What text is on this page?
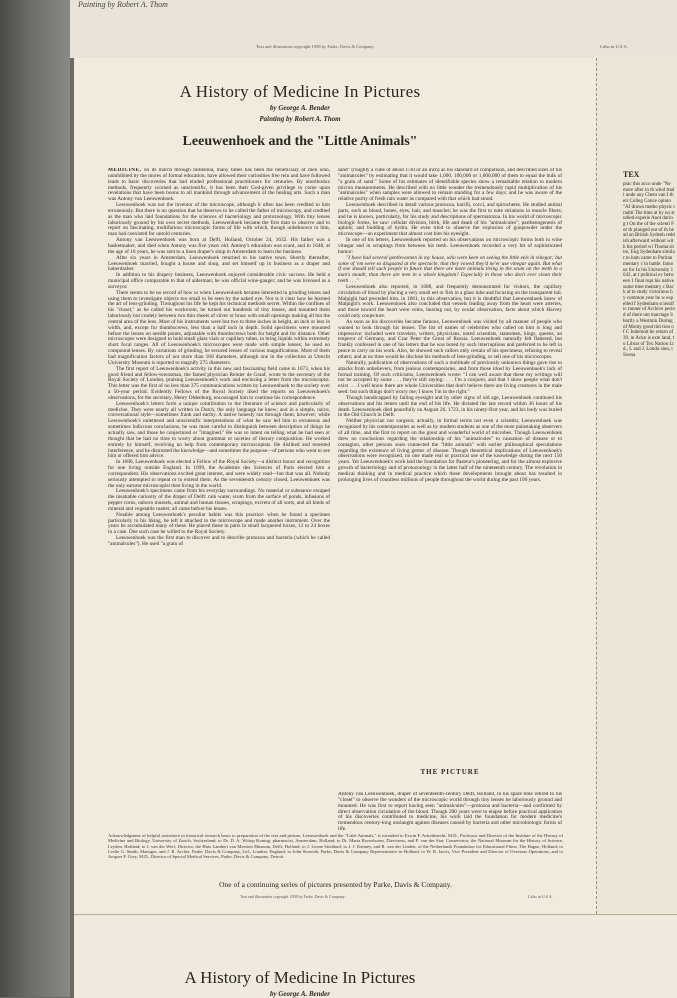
Painting by Robert A. Thom
Text and illustration copyright 1958 by Parke, Davis & Company	Litho in U.S.A.
TEX
prac this acco unde "Ne more after in th whol tradi unde any Chem van I their Colleg Conce opinio "Af drawn metho physic traditi The time at by no studied experie Anot during t On the of the scienti For th plunged out of th head an British Sydenh reddish afterward without with his period wi Thoma shire, Eng Sydenham similar to ham came to Puritan mentary c in battle. famous for In his University 1642, at t political ev between 1 final rupt his native some time mentary c Back at to study victorious by common year he w expelled f Sydenham scientific runner of Archive period of there unt marriage Shortly a Westmin During of Monty good tim tion of C Indemnit he return of 39, in Ackn is exte land, to Librar of Tex Nation Ltd., L and J. Londo sion, t Svena
A History of Medicine In Pictures
by George A. Bender
Painting by Robert A. Thom
Leeuwenhoek and the "Little Animals"

MEDICINE, on its march through millennia, many times has been the beneficiary of men who, uninhibited by the mores of formal education, have allowed their curiosities free rein and have followed leads to basic discoveries that had eluded professional practitioners for centuries. By unorthodox methods, frequently scorned as unscientific, it has been their God-given privilege to come upon revelations that have been boons to all mankind through advancement of the healing arts. Such a man was Antony van Leeuwenhoek.

Leeuwenhoek was not the inventor of the microscope, although it often has been credited to him erroneously. But there is no question that he deserves to be called the father of microscopy, and credited as the man who laid foundations for the sciences of bacteriology and protozoology. With tiny lenses laboriously ground by his own secret methods, Leeuwenhoek became the first man to observe and to report on fascinating, multifarious microscopic forms of life with which, though unbeknown to him, man had coexisted for untold centuries.

Antony van Leeuwenhoek was born at Delft, Holland, October 24, 1632. His father was a basketmaker, and died when Antony was five years old. Antony's education was scant, and in 1648, at the age of 16 years, he was sent to a linen draper's shop in Amsterdam to learn the business.

After six years in Amsterdam, Leeuwenhoek returned to his native town. Shortly thereafter, Leeuwenhoek married, bought a house and shop, and set himself up in business as a draper and haberdasher.

In addition to his drapery business, Leeuwenhoek enjoyed considerable civic success. He held a municipal office comparable to that of alderman; he was official wine-gauger; and he was licensed as a surveyor.

There seems to be no record of how or when Leeuwenhoek became interested in grinding lenses and using them to investigate objects too small to be seen by the naked eye. Nor is it clear how he learned the art of lens-grinding. Throughout his life he kept his technical methods secret. Within the confines of his "closet," as he called his workroom, he turned out hundreds of tiny lenses, and mounted them laboriously but crudely between two thin sheets of silver or brass with small openings making all but the central area of the lens. Most of his instruments were but two to three inches in height, an inch or less in width, and, except for thumbscrews, less than a half inch in depth. Solid specimens were mounted before the lenses on needle points, adjustable with thumbscrews both for height and for distance. Other microscopes were designed to hold small glass vials or capillary tubes, to bring liquids within extremely short focal ranges. All of Leeuwenhoek's microscopes were made with simple lenses; he used no compound lenses. By variations of grinding, he secured lenses of various magnifications. Most of them had magnification factors of not more than 160 diameters, although one in the collection at Utrecht University Museum is reported to magnify 275 diameters.

The first report of Leeuwenhoek's activity in this new and fascinating field came in 1673, when his good friend and fellow-townsman, the famed physician Reinier de Graaf, wrote to the secretary of the Royal Society of London, praising Leeuwenhoek's work and enclosing a letter from the microscopist. This letter was the first of no less than 375 communications written by Leeuwenhoek to the society over a 50-year period. Evidently Fellows of the Royal Society liked the reports on Leeuwenhoek's observations, for the secretary, Henry Oldenburg, encouraged him to continue his correspondence.

Leeuwenhoek's letters form a unique contribution to the literature of science and particularly of medicine. They were nearly all written in Dutch, the only language he knew; and in a simple, naive, conversational style—sometimes frank and earthy. A native honesty ran through them, however; while Leeuwenhoek's unlettered and unscientific interpretations of what he saw led him to erroneous and sometimes ludicrous conclusions, he was most careful to distinguish between description of things he actually saw, and those he conjectured or "imagined." He was so intent on telling what he had seen or thought that he had no time to worry about grammar or niceties of literary composition. He worked entirely by himself, receiving no help from contemporary microscopists. He disliked and resented interference, and he distrusted the knowledge—and sometimes the purpose—of persons who went to see him or offered him advice.

In 1680, Leeuwenhoek was elected a Fellow of the Royal Society—a distinct honor and recognition for one living outside England. In 1699, the Academie des Sciences of Paris elected him a correspondent. His observations excited great interest, and were widely read—but that was all. Nobody seriously attempted to repeat or to extend them. As the seventeenth century closed, Leeuwenhoek was the only earnest microscopist then living in the world.

Leeuwenhoek's specimens came from his everyday surroundings. No material or substance escaped the insatiable curiosity of the draper of Delft: rain water, scum from the surface of ponds, infusions of pepper corns, unborn mussels, animal and human tissues, scrapings, excreta of all sorts, and all kinds of mineral and vegetable matter, all came before his lenses.

Notable among Leeuwenhoek's peculiar habits was this practice: when he found a specimen particularly to his liking, he left it attached to the microscope and made another instrument. Over the years he accumulated many of these. He placed these in pairs in small lacquered boxes, 12 to 24 boxes in a case. One such case he willed to the Royal Society.

Leeuwenhoek was the first man to discover and to describe protozoa and bacteria (which he called "animalcules"). He used "a grain of

sand" (roughly a cube of about 1/30 of an inch) as his standard of comparison, and described sizes of his "animalcules" by estimating that it would take 1,000, 100,000 or 1,000,000 of them to equal the bulk of "a grain of sand." Some of his estimates of identifiable species show a remarkable relation to modern micron measurements. He described with no little wonder the tremendously rapid multiplication of his "animalcules" when samples were allowed to remain standing for a few days; and he was aware of the relative purity of fresh rain water as compared with that which had stood.

Leeuwenhoek described in detail various protozoa, bacilli, cocci, and spirochetes. He studied animal parts, such as blood, bones, eyes, hair, and muscles; he was the first to note striations in muscle fibers; and he is known, particularly, for his study and descriptions of spermatozoa. In his world of microscopic biologic forms, he saw: cellular division, birth, life and death of his "animalcules"; parthenogenesis of aphids; and budding of hydra. He even tried to observe the explosion of gunpowder under the microscope—an experiment that almost cost him his eyesight.

In one of his letters, Leeuwenhoek reported on his observations on microscopic forms both in wine vinegar and in scrapings from between his teeth. Leeuwenhoek recorded a very bit of sophisticated humor:

"I have had several gentlewomen in my house, who were keen on seeing the little eels in vinegar; but some of 'em were so disgusted at the spectacle, that they vowed they'd ne'er use vinegar again. But what if one should tell such people in future that there are more animals living in the scum on the teeth in a man's mouth, than there are men in a whole kingdom? Especially in those who don't ever clean their teeth . . ."

Leeuwenhoek also reported, in 1688, and frequently demonstrated for visitors, the capillary circulation of blood by placing a very small eel or fish in a glass tube and focusing on the transparent tail. Malpighi had preceded him, in 1661, in this observation, but it is doubtful that Leeuwenhoek knew of Malpighi's work. Leeuwenhoek also concluded that vessels leading away from the heart were arteries, and those toward the heart were veins, hearing out, by ocular observation, facts about which Harvey could only conjecture.

As soon as his discoveries became famous, Leeuwenhoek was visited by all manner of people who wanted to look through his lenses. The list of names of celebrities who called on him is long and impressive: included were travelers, writers, physicians, noted scientists, statesmen, kings, queens, an emperor of Germany, and Czar Peter the Great of Russia. Leeuwenhoek naturally felt flattered, but frankly confessed in one of his letters that he was bored by such interruptions and preferred to be left in peace to carry on his work. Also, he showed such callers only certain of his specimens, refusing to reveal others; and at no time would he disclose his methods of lens-grinding, or sell one of his microscopes.

Naturally, publication of observations of such a multitude of previously unknown things gave rise to attacks from unbelievers, from jealous contemporaries, and from those irked by Leeuwenhoek's lack of formal training. Of such criticisms, Leeuwenhoek wrote: "I can well aware that these my writings will not be accepted by some . . . they're still saying: . . . I'm a conjurer, and that I show people what don't exist . . . I well know there are whole Universities that don't believe there are living creatures in the male seed: but such things don't worry me; I know I'm in the right."

Though handicapped by failing eyesight and by other signs of old age, Leeuwenhoek continued his observations and his letters until the end of his life. He dictated the last record within 36 hours of his death. Leeuwenhoek died peacefully on August 26, 1723, in his ninety-first year, and his body was buried in the Old Church in Delft.

Neither physician nor surgeon; actually, in formal terms not even a scientist, Leeuwenhoek was recognized by his contemporaries as well as by modern students as one of the most painstaking observers of all time, and the first to report on the great and wonderful world of microbes. Though Leeuwenhoek drew no conclusions regarding the relationship of his "animalcules" to causation of disease or to contagion, other persons soon connected the "little animals" with earlier philosophical speculations regarding the existence of living germs of disease. Though theoretical implications of Leeuwenhoek's observations were recognized, no one made real or practical use of the knowledge during the next 150 years. Yet Leeuwenhoek's work laid the foundation for Pasteur's pioneering, and for the almost explosive growth of bacteriology and of protozoology in the latter half of the nineteenth century. The revolution in medical thinking and in medical practice which these developments brought about has resulted in prolonging lives of countless millions of people throughout the world during the past 100 years.

THE PICTURE

Antony van Leeuwenhoek, draper of seventeenth-century Delft, Holland, in his spare time retired to his "closet" to observe the wonders of the microscopic world through tiny lenses he laboriously ground and mounted. He was first to report having seen "animalcules"—protozoa and bacteria—and confirmed by direct observation circulation of the blood. Though 200 years were to elapse before practical application of his discoveries contributed to medicine, his work laid the foundation for modern medicine's tremendous century-long onslaught against diseases caused by bacteria and other microbiologic forms of life.

Acknowledgment of helpful assistance in historical research basic to preparation of the text and picture, Leeuwenhoek and the "Little Animals," is extended to Erwin F. Ackerknecht, M.D., Professor and Director of the Institute of the History of Medicine and Biology, University of Zurich, Switzerland; to Dr. D. A. Wittop Koning, pharmacist, Amsterdam, Holland; to Dr. Maria Rooseboom, Directress, and P. van der Star, Conservator, the National Museum for the History of Science, Leyden, Holland; to J. van der Werf, Director, the Huis Lambert van Meerten Museum, Delft, Holland; to J. Leone Stoddard; to J. J. Kenney, and R. van der Linden, of the Netherlands Foundation for Educational Films, The Hague, Holland; to Leslie G. Smith, Manager, and J. R. Archer, Parke, Davis & Company, Ltd., London, England; to John Stoeriah, Parke, Davis & Company Representative in Holland; to W. R. Jarvis, Vice President and Director of Overseas Operations, and to Jacques P. Grey, M.D., Director of Special Medical Services, Parke, Davis & Company, Detroit.
One of a continuing series of pictures presented by Parke, Davis & Company.
Text and illustration copyright 1958 by Parke, Davis & Company	Litho in U.S.A.
A History of Medicine In Pictures
by George A. Bender
